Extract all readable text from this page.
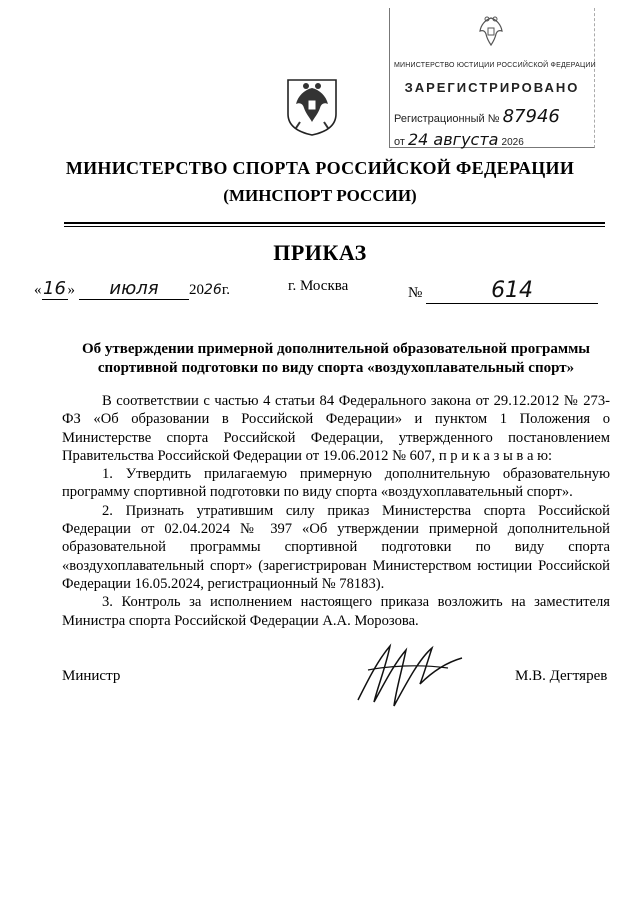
МИНИСТЕРСТВО ЮСТИЦИИ РОССИЙСКОЙ ФЕДЕРАЦИИ
ЗАРЕГИСТРИРОВАНО
Регистрационный № 87946
от 24 августа 2026
МИНИСТЕРСТВО СПОРТА РОССИЙСКОЙ ФЕДЕРАЦИИ
(МИНСПОРТ РОССИИ)
ПРИКАЗ
«16 » июля 2026г.	г. Москва	№	614
Об утверждении примерной дополнительной образовательной программы спортивной подготовки по виду спорта «воздухоплавательный спорт»

В соответствии с частью 4 статьи 84 Федерального закона от 29.12.2012 № 273-ФЗ «Об образовании в Российской Федерации» и пунктом 1 Положения о Министерстве спорта Российской Федерации, утвержденного постановлением Правительства Российской Федерации от 19.06.2012 № 607, п р и к а з ы в а ю:

1. Утвердить прилагаемую примерную дополнительную образовательную программу спортивной подготовки по виду спорта «воздухоплавательный спорт».

2. Признать утратившим силу приказ Министерства спорта Российской Федерации от 02.04.2024 № 397 «Об утверждении примерной дополнительной образовательной программы спортивной подготовки по виду спорта «воздухоплавательный спорт» (зарегистрирован Министерством юстиции Российской Федерации 16.05.2024, регистрационный № 78183).

3. Контроль за исполнением настоящего приказа возложить на заместителя Министра спорта Российской Федерации А.А. Морозова.

Министр	М.В. Дегтярев
